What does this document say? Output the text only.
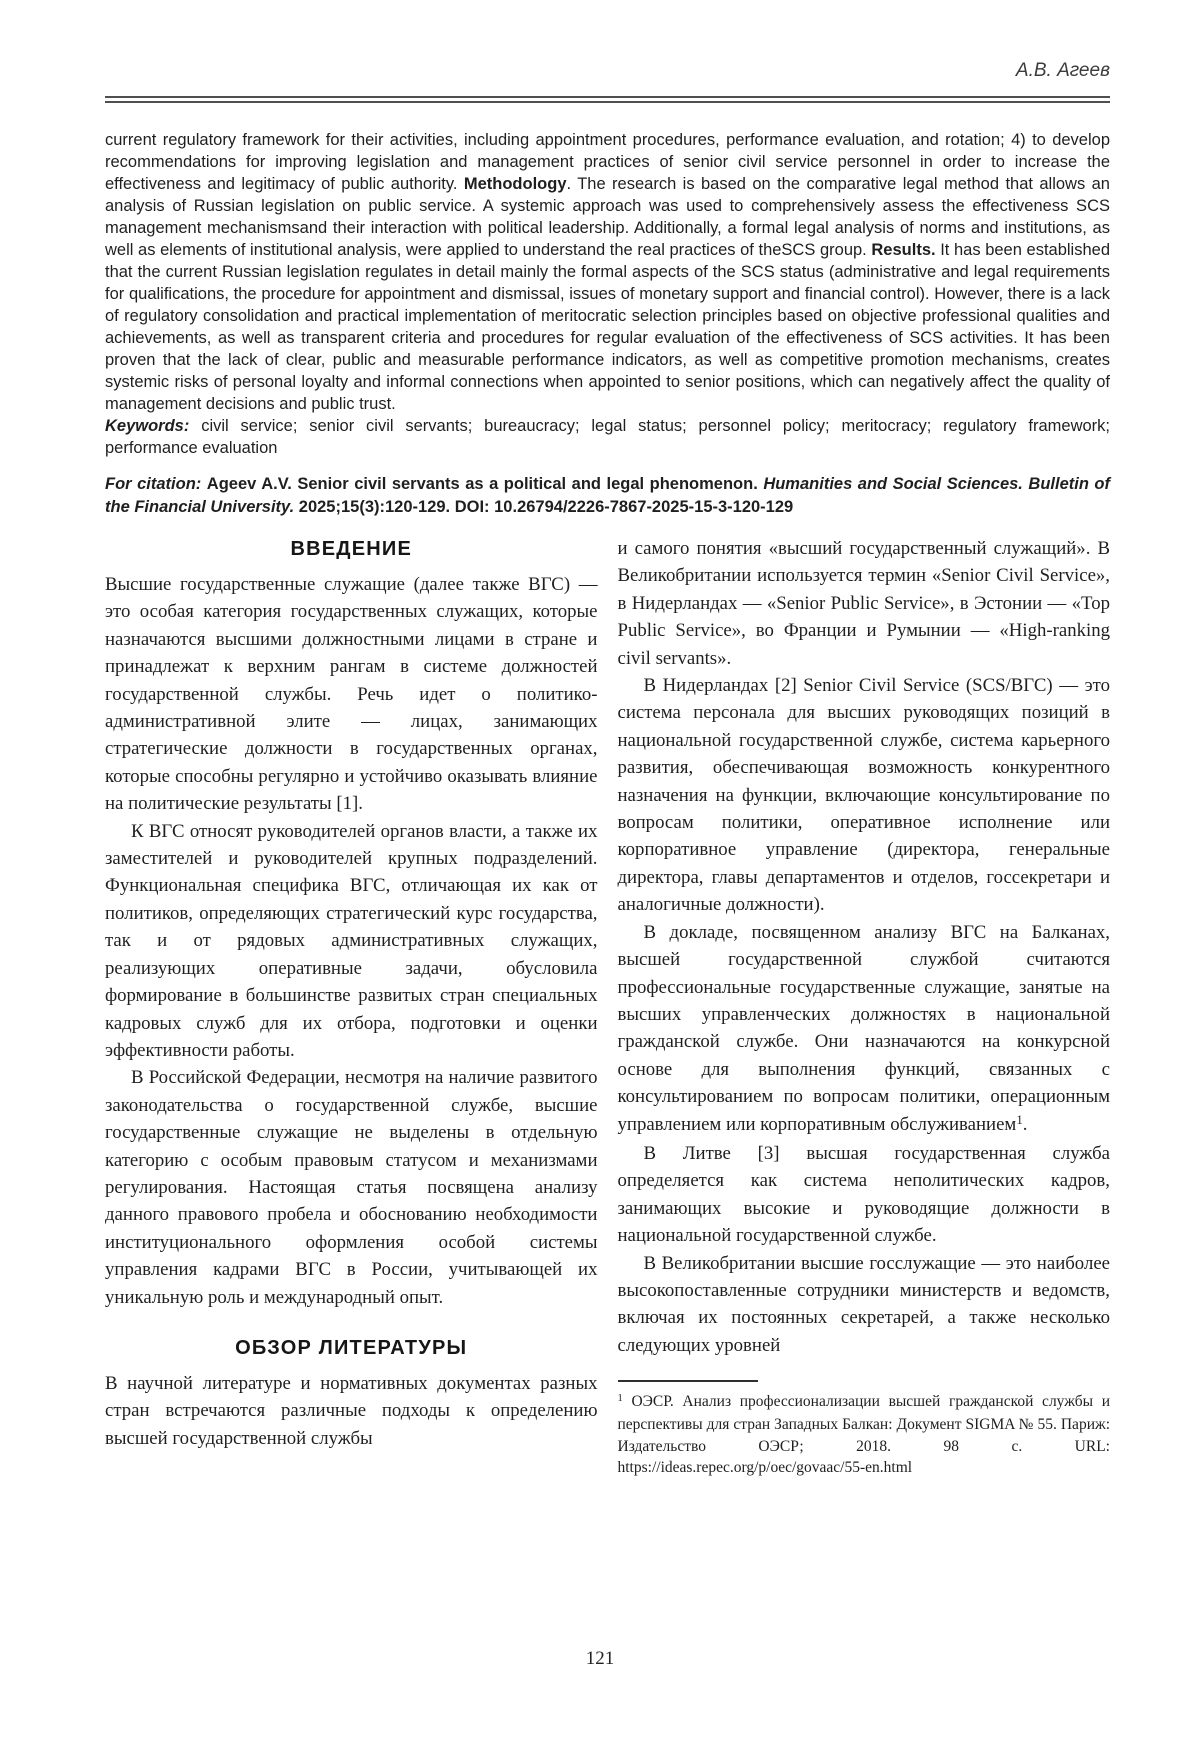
А.В. Агеев

current regulatory framework for their activities, including appointment procedures, performance evaluation, and rotation; 4) to develop recommendations for improving legislation and management practices of senior civil service personnel in order to increase the effectiveness and legitimacy of public authority. Methodology. The research is based on the comparative legal method that allows an analysis of Russian legislation on public service. A systemic approach was used to comprehensively assess the effectiveness SCS management mechanismsand their interaction with political leadership. Additionally, a formal legal analysis of norms and institutions, as well as elements of institutional analysis, were applied to understand the real practices of theSCS group. Results. It has been established that the current Russian legislation regulates in detail mainly the formal aspects of the SCS status (administrative and legal requirements for qualifications, the procedure for appointment and dismissal, issues of monetary support and financial control). However, there is a lack of regulatory consolidation and practical implementation of meritocratic selection principles based on objective professional qualities and achievements, as well as transparent criteria and procedures for regular evaluation of the effectiveness of SCS activities. It has been proven that the lack of clear, public and measurable performance indicators, as well as competitive promotion mechanisms, creates systemic risks of personal loyalty and informal connections when appointed to senior positions, which can negatively affect the quality of management decisions and public trust.

Keywords: civil service; senior civil servants; bureaucracy; legal status; personnel policy; meritocracy; regulatory framework; performance evaluation

For citation: Ageev A.V. Senior civil servants as a political and legal phenomenon. Humanities and Social Sciences. Bulletin of the Financial University. 2025;15(3):120-129. DOI: 10.26794/2226-7867-2025-15-3-120-129

ВВЕДЕНИЕ

Высшие государственные служащие (далее также ВГС) — это особая категория государственных служащих, которые назначаются высшими должностными лицами в стране и принадлежат к верхним рангам в системе должностей государственной службы. Речь идет о политико-административной элите — лицах, занимающих стратегические должности в государственных органах, которые способны регулярно и устойчиво оказывать влияние на политические результаты [1].

К ВГС относят руководителей органов власти, а также их заместителей и руководителей крупных подразделений. Функциональная специфика ВГС, отличающая их как от политиков, определяющих стратегический курс государства, так и от рядовых административных служащих, реализующих оперативные задачи, обусловила формирование в большинстве развитых стран специальных кадровых служб для их отбора, подготовки и оценки эффективности работы.

В Российской Федерации, несмотря на наличие развитого законодательства о государственной службе, высшие государственные служащие не выделены в отдельную категорию с особым правовым статусом и механизмами регулирования. Настоящая статья посвящена анализу данного правового пробела и обоснованию необходимости институционального оформления особой системы управления кадрами ВГС в России, учитывающей их уникальную роль и международный опыт.

ОБЗОР ЛИТЕРАТУРЫ

В научной литературе и нормативных документах разных стран встречаются различные подходы к определению высшей государственной службы

и самого понятия «высший государственный служащий». В Великобритании используется термин «Senior Civil Service», в Нидерландах — «Senior Public Service», в Эстонии — «Top Public Service», во Франции и Румынии — «High-ranking civil servants».

В Нидерландах [2] Senior Civil Service (SCS/ВГС) — это система персонала для высших руководящих позиций в национальной государственной службе, система карьерного развития, обеспечивающая возможность конкурентного назначения на функции, включающие консультирование по вопросам политики, оперативное исполнение или корпоративное управление (директора, генеральные директора, главы департаментов и отделов, госсекретари и аналогичные должности).

В докладе, посвященном анализу ВГС на Балканах, высшей государственной службой считаются профессиональные государственные служащие, занятые на высших управленческих должностях в национальной гражданской службе. Они назначаются на конкурсной основе для выполнения функций, связанных с консультированием по вопросам политики, операционным управлением или корпоративным обслуживанием$^1$.

В Литве [3] высшая государственная служба определяется как система неполитических кадров, занимающих высокие и руководящие должности в национальной государственной службе.

В Великобритании высшие госслужащие — это наиболее высокопоставленные сотрудники министерств и ведомств, включая их постоянных секретарей, а также несколько следующих уровней

$^1$ ОЭСР. Анализ профессионализации высшей гражданской службы и перспективы для стран Западных Балкан: Документ SIGMA № 55. Париж: Издательство ОЭСР; 2018. 98 с. URL: https://ideas.repec.org/p/oec/govaac/55-en.html

121
